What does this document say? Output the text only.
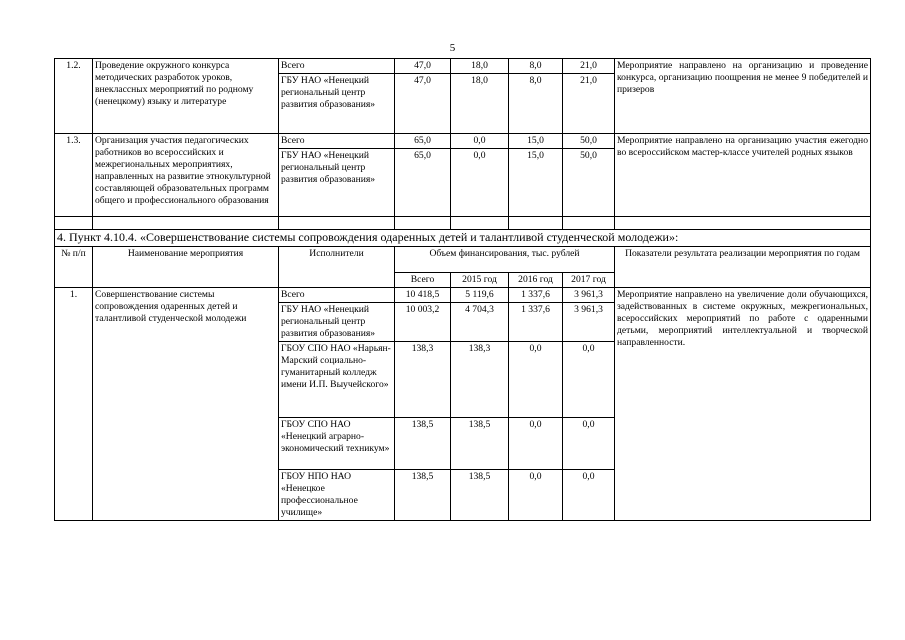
5
1.2.	Проведение окружного конкурса методических разработок уроков, внеклассных мероприятий по родному (ненецкому) языку и литературе	Всего	47,0	18,0	8,0	21,0	Мероприятие направлено на организацию и проведение конкурса, организацию поощрения не менее 9 победителей и призеров
		ГБУ НАО «Ненецкий региональный центр развития образования»	47,0	18,0	8,0	21,0	
1.3.	Организация участия педагогических работников во всероссийских и межрегиональных мероприятиях, направленных на развитие этнокультурной составляющей образовательных программ общего и профессионального образования	Всего	65,0	0,0	15,0	50,0	Мероприятие направлено на организацию участия ежегодно во всероссийском мастер-классе учителей родных языков
		ГБУ НАО «Ненецкий региональный центр развития образования»	65,0	0,0	15,0	50,0	

4. Пункт 4.10.4. «Совершенствование системы сопровождения одаренных детей и талантливой студенческой молодежи»:							
№ п/п	Наименование мероприятия	Исполнители	Объем финансирования, тыс. рублей				Показатели результата реализации мероприятия по годам
			Всего	2015 год	2016 год	2017 год	
1.	Совершенствование системы сопровождения одаренных детей и талантливой студенческой молодежи	Всего	10 418,5	5 119,6	1 337,6	3 961,3	Мероприятие направлено на увеличение доли обучающихся, задействованных в системе окружных, межрегиональных, всероссийских мероприятий по работе с одаренными детьми, мероприятий интеллектуальной и творческой направленности.
		ГБУ НАО «Ненецкий региональный центр развития образования»	10 003,2	4 704,3	1 337,6	3 961,3	
		ГБОУ СПО НАО «Нарьян-Марский социально-гуманитарный колледж имени И.П. Выучейского»	138,3	138,3	0,0	0,0	
		ГБОУ СПО НАО «Ненецкий аграрно-экономический техникум»	138,5	138,5	0,0	0,0	
		ГБОУ НПО НАО «Ненецкое профессиональное училище»	138,5	138,5	0,0	0,0	
